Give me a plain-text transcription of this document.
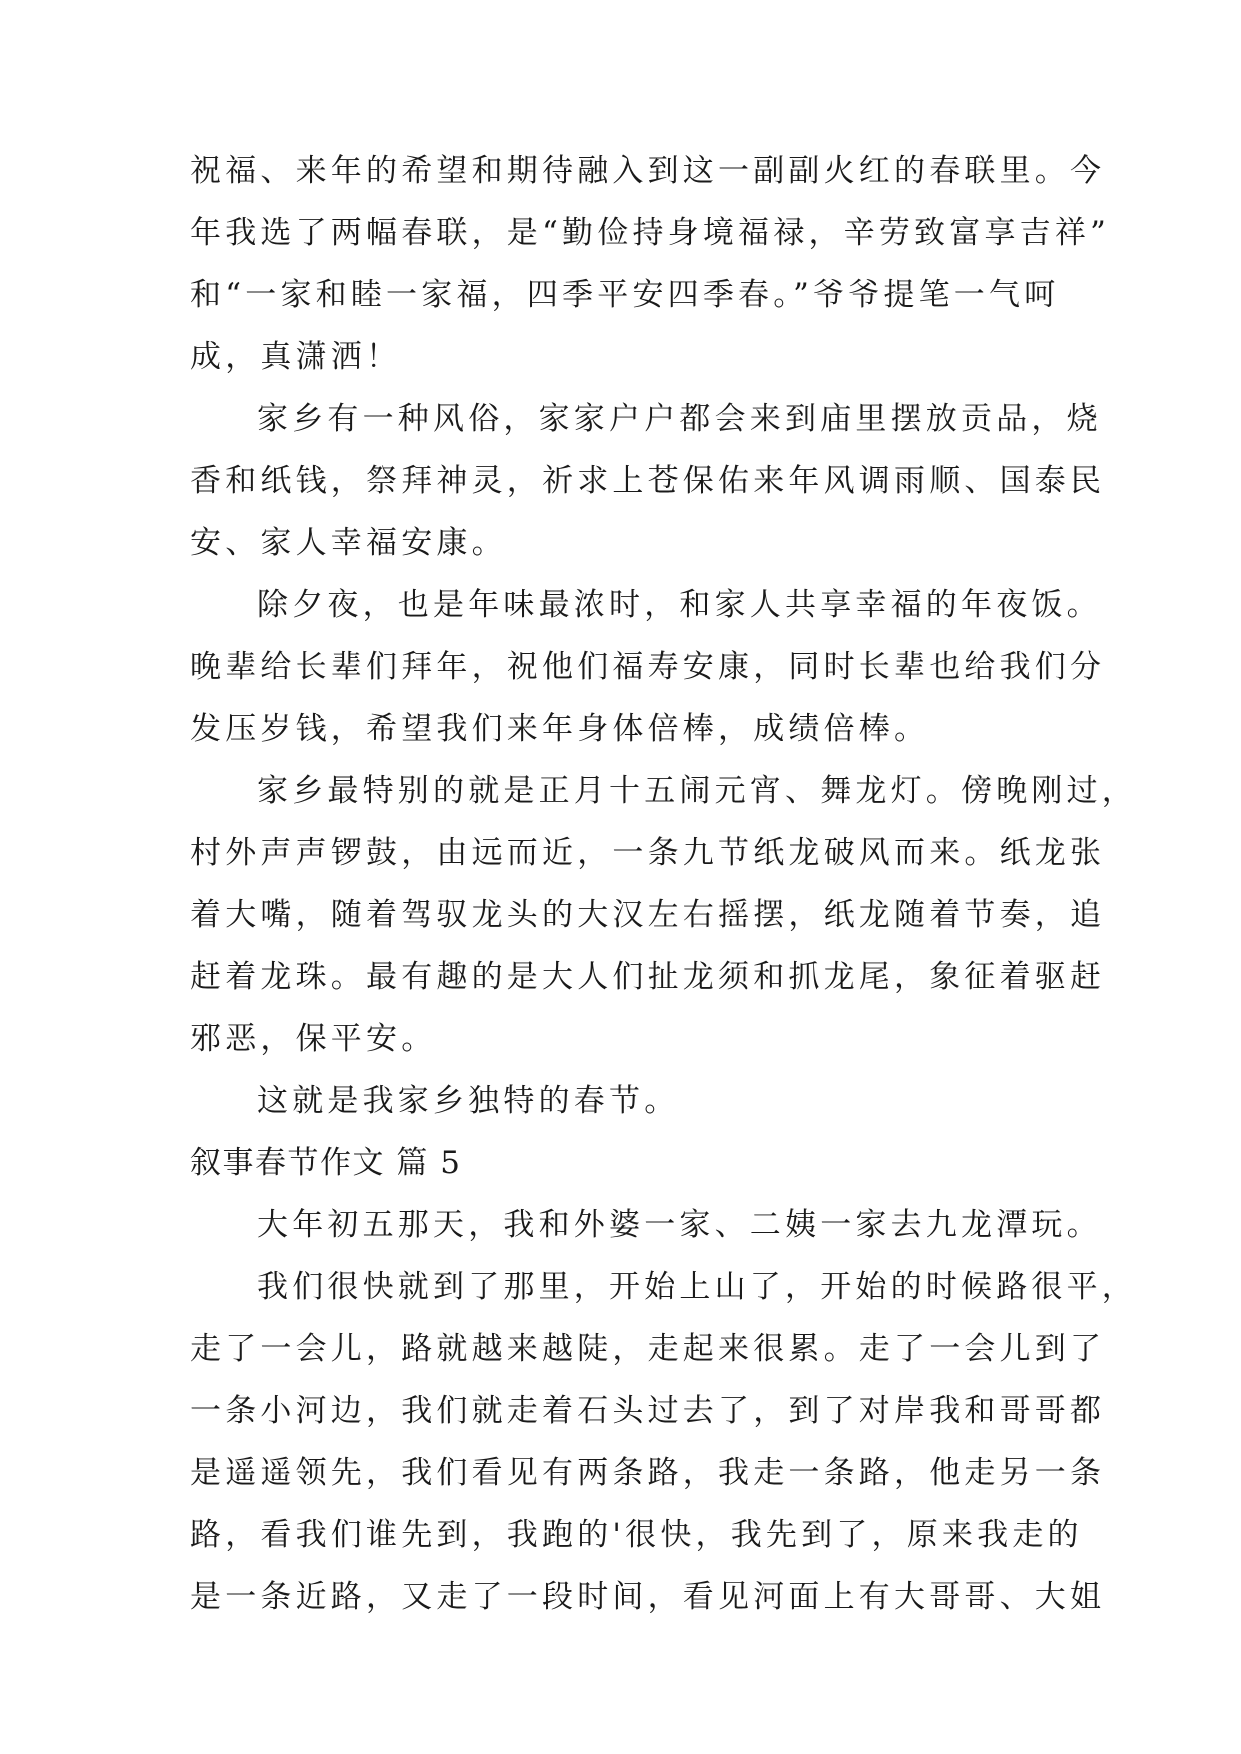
祝福、来年的希望和期待融入到这一副副火红的春联里。今
年我选了两幅春联，是“勤俭持身境福禄，辛劳致富享吉祥”
和“一家和睦一家福，四季平安四季春。”爷爷提笔一气呵
成，真潇洒！
家乡有一种风俗，家家户户都会来到庙里摆放贡品，烧
香和纸钱，祭拜神灵，祈求上苍保佑来年风调雨顺、国泰民
安、家人幸福安康。
除夕夜，也是年味最浓时，和家人共享幸福的年夜饭。
晚辈给长辈们拜年，祝他们福寿安康，同时长辈也给我们分
发压岁钱，希望我们来年身体倍棒，成绩倍棒。
家乡最特别的就是正月十五闹元宵、舞龙灯。傍晚刚过，
村外声声锣鼓，由远而近，一条九节纸龙破风而来。纸龙张
着大嘴，随着驾驭龙头的大汉左右摇摆，纸龙随着节奏，追
赶着龙珠。最有趣的是大人们扯龙须和抓龙尾，象征着驱赶
邪恶，保平安。
这就是我家乡独特的春节。
叙事春节作文 篇 5
大年初五那天，我和外婆一家、二姨一家去九龙潭玩。
我们很快就到了那里，开始上山了，开始的时候路很平，
走了一会儿，路就越来越陡，走起来很累。走了一会儿到了
一条小河边，我们就走着石头过去了，到了对岸我和哥哥都
是遥遥领先，我们看见有两条路，我走一条路，他走另一条
路，看我们谁先到，我跑的'很快，我先到了，原来我走的
是一条近路，又走了一段时间，看见河面上有大哥哥、大姐
